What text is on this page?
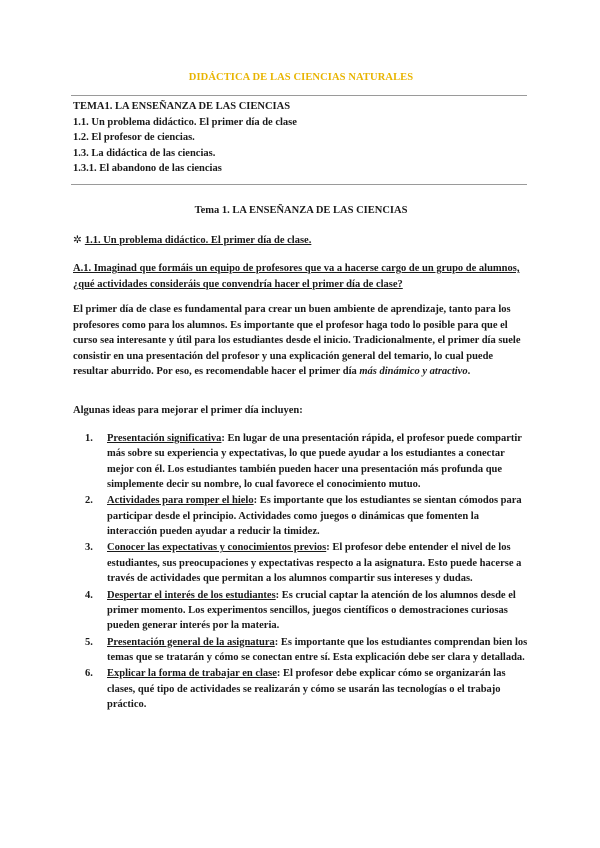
DIDÁCTICA DE LAS CIENCIAS NATURALES
TEMA1. LA ENSEÑANZA DE LAS CIENCIAS
1.1. Un problema didáctico. El primer día de clase
1.2. El profesor de ciencias.
1.3. La didáctica de las ciencias.
1.3.1. El abandono de las ciencias
Tema 1. LA ENSEÑANZA DE LAS CIENCIAS
✲ 1.1. Un problema didáctico. El primer día de clase.
A.1. Imaginad que formáis un equipo de profesores que va a hacerse cargo de un grupo de alumnos, ¿qué actividades consideráis que convendría hacer el primer día de clase?
El primer día de clase es fundamental para crear un buen ambiente de aprendizaje, tanto para los profesores como para los alumnos. Es importante que el profesor haga todo lo posible para que el curso sea interesante y útil para los estudiantes desde el inicio. Tradicionalmente, el primer día suele consistir en una presentación del profesor y una explicación general del temario, lo cual puede resultar aburrido. Por eso, es recomendable hacer el primer día más dinámico y atractivo.
Algunas ideas para mejorar el primer día incluyen:
1. Presentación significativa: En lugar de una presentación rápida, el profesor puede compartir más sobre su experiencia y expectativas, lo que puede ayudar a los estudiantes a conectar mejor con él. Los estudiantes también pueden hacer una presentación más profunda que simplemente decir su nombre, lo cual favorece el conocimiento mutuo.
2. Actividades para romper el hielo: Es importante que los estudiantes se sientan cómodos para participar desde el principio. Actividades como juegos o dinámicas que fomenten la interacción pueden ayudar a reducir la timidez.
3. Conocer las expectativas y conocimientos previos: El profesor debe entender el nivel de los estudiantes, sus preocupaciones y expectativas respecto a la asignatura. Esto puede hacerse a través de actividades que permitan a los alumnos compartir sus intereses y dudas.
4. Despertar el interés de los estudiantes: Es crucial captar la atención de los alumnos desde el primer momento. Los experimentos sencillos, juegos científicos o demostraciones curiosas pueden generar interés por la materia.
5. Presentación general de la asignatura: Es importante que los estudiantes comprendan bien los temas que se tratarán y cómo se conectan entre sí. Esta explicación debe ser clara y detallada.
6. Explicar la forma de trabajar en clase: El profesor debe explicar cómo se organizarán las clases, qué tipo de actividades se realizarán y cómo se usarán las tecnologías o el trabajo práctico.
